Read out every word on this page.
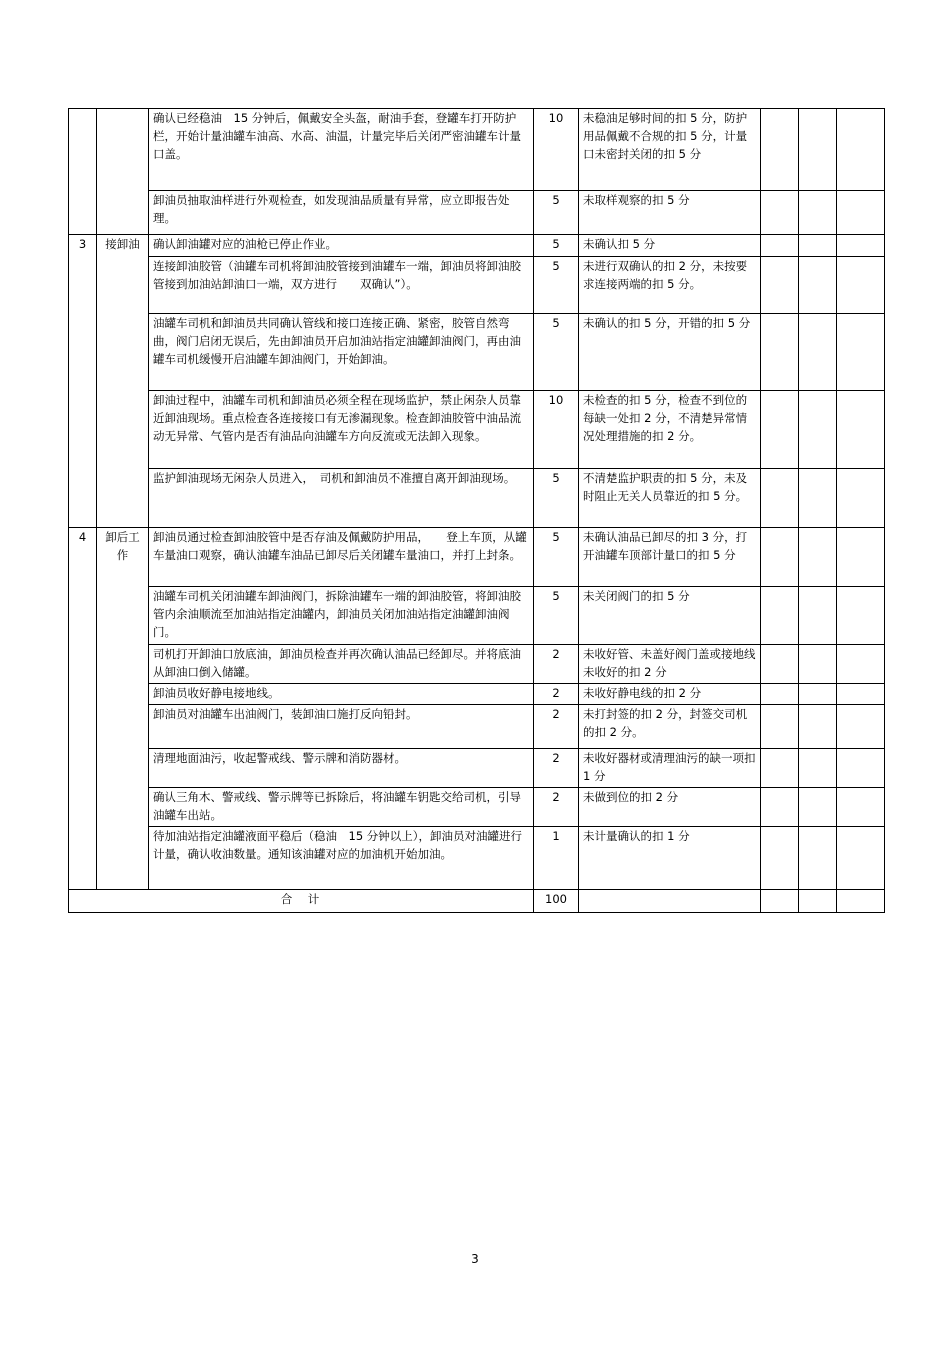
		确认已经稳油　15 分钟后，佩戴安全头盔，耐油手套，登罐车打开防护栏，开始计量油罐车油高、水高、油温，计量完毕后关闭严密油罐车计量口盖。	10	未稳油足够时间的扣 5 分，防护用品佩戴不合规的扣 5 分，计量口未密封关闭的扣 5 分			
		卸油员抽取油样进行外观检查，如发现油品质量有异常，应立即报告处理。	5	未取样观察的扣 5 分			
3	接卸油	确认卸油罐对应的油枪已停止作业。	5	未确认扣 5 分			
		连接卸油胶管（油罐车司机将卸油胶管接到油罐车一端，卸油员将卸油胶管接到加油站卸油口一端，双方进行　　双确认”）。	5	未进行双确认的扣 2 分，未按要求连接两端的扣 5 分。			
		油罐车司机和卸油员共同确认管线和接口连接正确、紧密，胶管自然弯曲，阀门启闭无误后，先由卸油员开启加油站指定油罐卸油阀门，再由油罐车司机缓慢开启油罐车卸油阀门，开始卸油。	5	未确认的扣 5 分，开错的扣 5 分			
		卸油过程中，油罐车司机和卸油员必须全程在现场监护，禁止闲杂人员靠近卸油现场。重点检查各连接接口有无渗漏现象。检查卸油胶管中油品流动无异常、气管内是否有油品向油罐车方向反流或无法卸入现象。	10	未检查的扣 5 分，检查不到位的每缺一处扣 2 分，不清楚异常情况处理措施的扣 2 分。			
		监护卸油现场无闲杂人员进入，　司机和卸油员不准擅自离开卸油现场。	5	不清楚监护职责的扣 5 分，未及时阻止无关人员靠近的扣 5 分。			
4	卸后工作	卸油员通过检查卸油胶管中是否存油及佩戴防护用品，　　登上车顶，从罐车量油口观察，确认油罐车油品已卸尽后关闭罐车量油口，并打上封条。	5	未确认油品已卸尽的扣 3 分，打开油罐车顶部计量口的扣 5 分			
		油罐车司机关闭油罐车卸油阀门，拆除油罐车一端的卸油胶管，将卸油胶管内余油顺流至加油站指定油罐内，卸油员关闭加油站指定油罐卸油阀门。	5	未关闭阀门的扣 5 分			
		司机打开卸油口放底油，卸油员检查并再次确认油品已经卸尽。并将底油从卸油口倒入储罐。	2	未收好管、未盖好阀门盖或接地线未收好的扣 2 分			
		卸油员收好静电接地线。	2	未收好静电线的扣 2 分			
		卸油员对油罐车出油阀门，装卸油口施打反向铅封。	2	未打封签的扣 2 分，封签交司机的扣 2 分。			
		清理地面油污，收起警戒线、警示牌和消防器材。	2	未收好器材或清理油污的缺一项扣 1 分			
		确认三角木、警戒线、警示牌等已拆除后，将油罐车钥匙交给司机，引导油罐车出站。	2	未做到位的扣 2 分			
		待加油站指定油罐液面平稳后（稳油　15 分钟以上），卸油员对油罐进行计量，确认收油数量。通知该油罐对应的加油机开始加油。	1	未计量确认的扣 1 分			
合　计			100				
3
